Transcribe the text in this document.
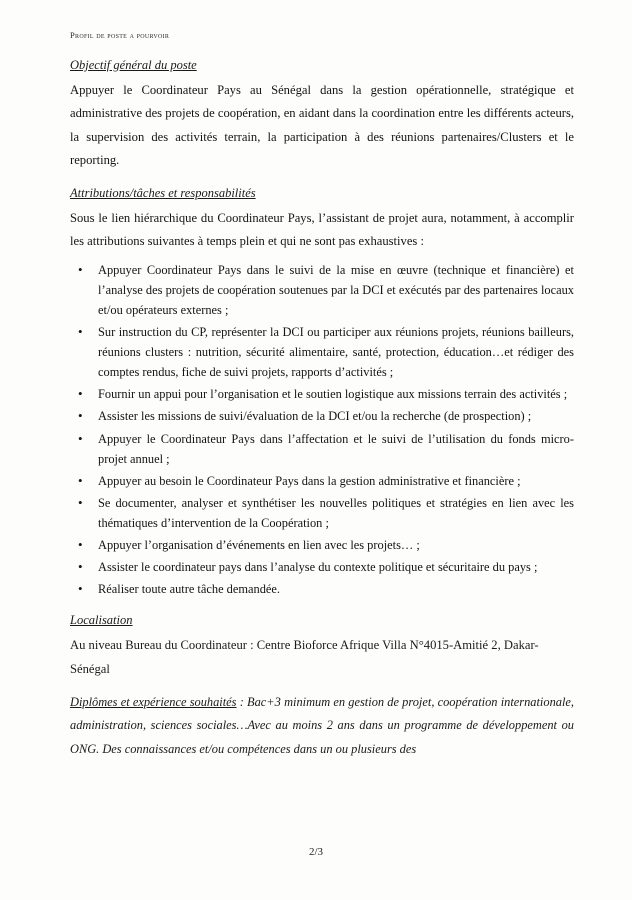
Profil de poste a pourvoir
Objectif général du poste

Appuyer le Coordinateur Pays au Sénégal dans la gestion opérationnelle, stratégique et administrative des projets de coopération, en aidant dans la coordination entre les différents acteurs, la supervision des activités terrain, la participation à des réunions partenaires/Clusters et le reporting.

Attributions/tâches et responsabilités

Sous le lien hiérarchique du Coordinateur Pays, l’assistant de projet aura, notamment, à accomplir les attributions suivantes à temps plein et qui ne sont pas exhaustives :

• Appuyer Coordinateur Pays dans le suivi de la mise en œuvre (technique et financière) et l’analyse des projets de coopération soutenues par la DCI et exécutés par des partenaires locaux et/ou opérateurs externes ;
• Sur instruction du CP, représenter la DCI ou participer aux réunions projets, réunions bailleurs, réunions clusters : nutrition, sécurité alimentaire, santé, protection, éducation…et rédiger des comptes rendus, fiche de suivi projets, rapports d’activités ;
• Fournir un appui pour l’organisation et le soutien logistique aux missions terrain des activités ;
• Assister les missions de suivi/évaluation de la DCI et/ou la recherche (de prospection) ;
• Appuyer le Coordinateur Pays dans l’affectation et le suivi de l’utilisation du fonds micro-projet annuel ;
• Appuyer au besoin le Coordinateur Pays dans la gestion administrative et financière ;
• Se documenter, analyser et synthétiser les nouvelles politiques et stratégies en lien avec les thématiques d’intervention de la Coopération ;
• Appuyer l’organisation d’événements en lien avec les projets… ;
• Assister le coordinateur pays dans l’analyse du contexte politique et sécuritaire du pays ;
• Réaliser toute autre tâche demandée.
Localisation

Au niveau Bureau du Coordinateur : Centre Bioforce Afrique Villa N°4015-Amitié 2, Dakar-Sénégal

Diplômes et expérience souhaités : Bac+3 minimum en gestion de projet, coopération internationale, administration, sciences sociales…Avec au moins 2 ans dans un programme de développement ou ONG. Des connaissances et/ou compétences dans un ou plusieurs des

2/3
